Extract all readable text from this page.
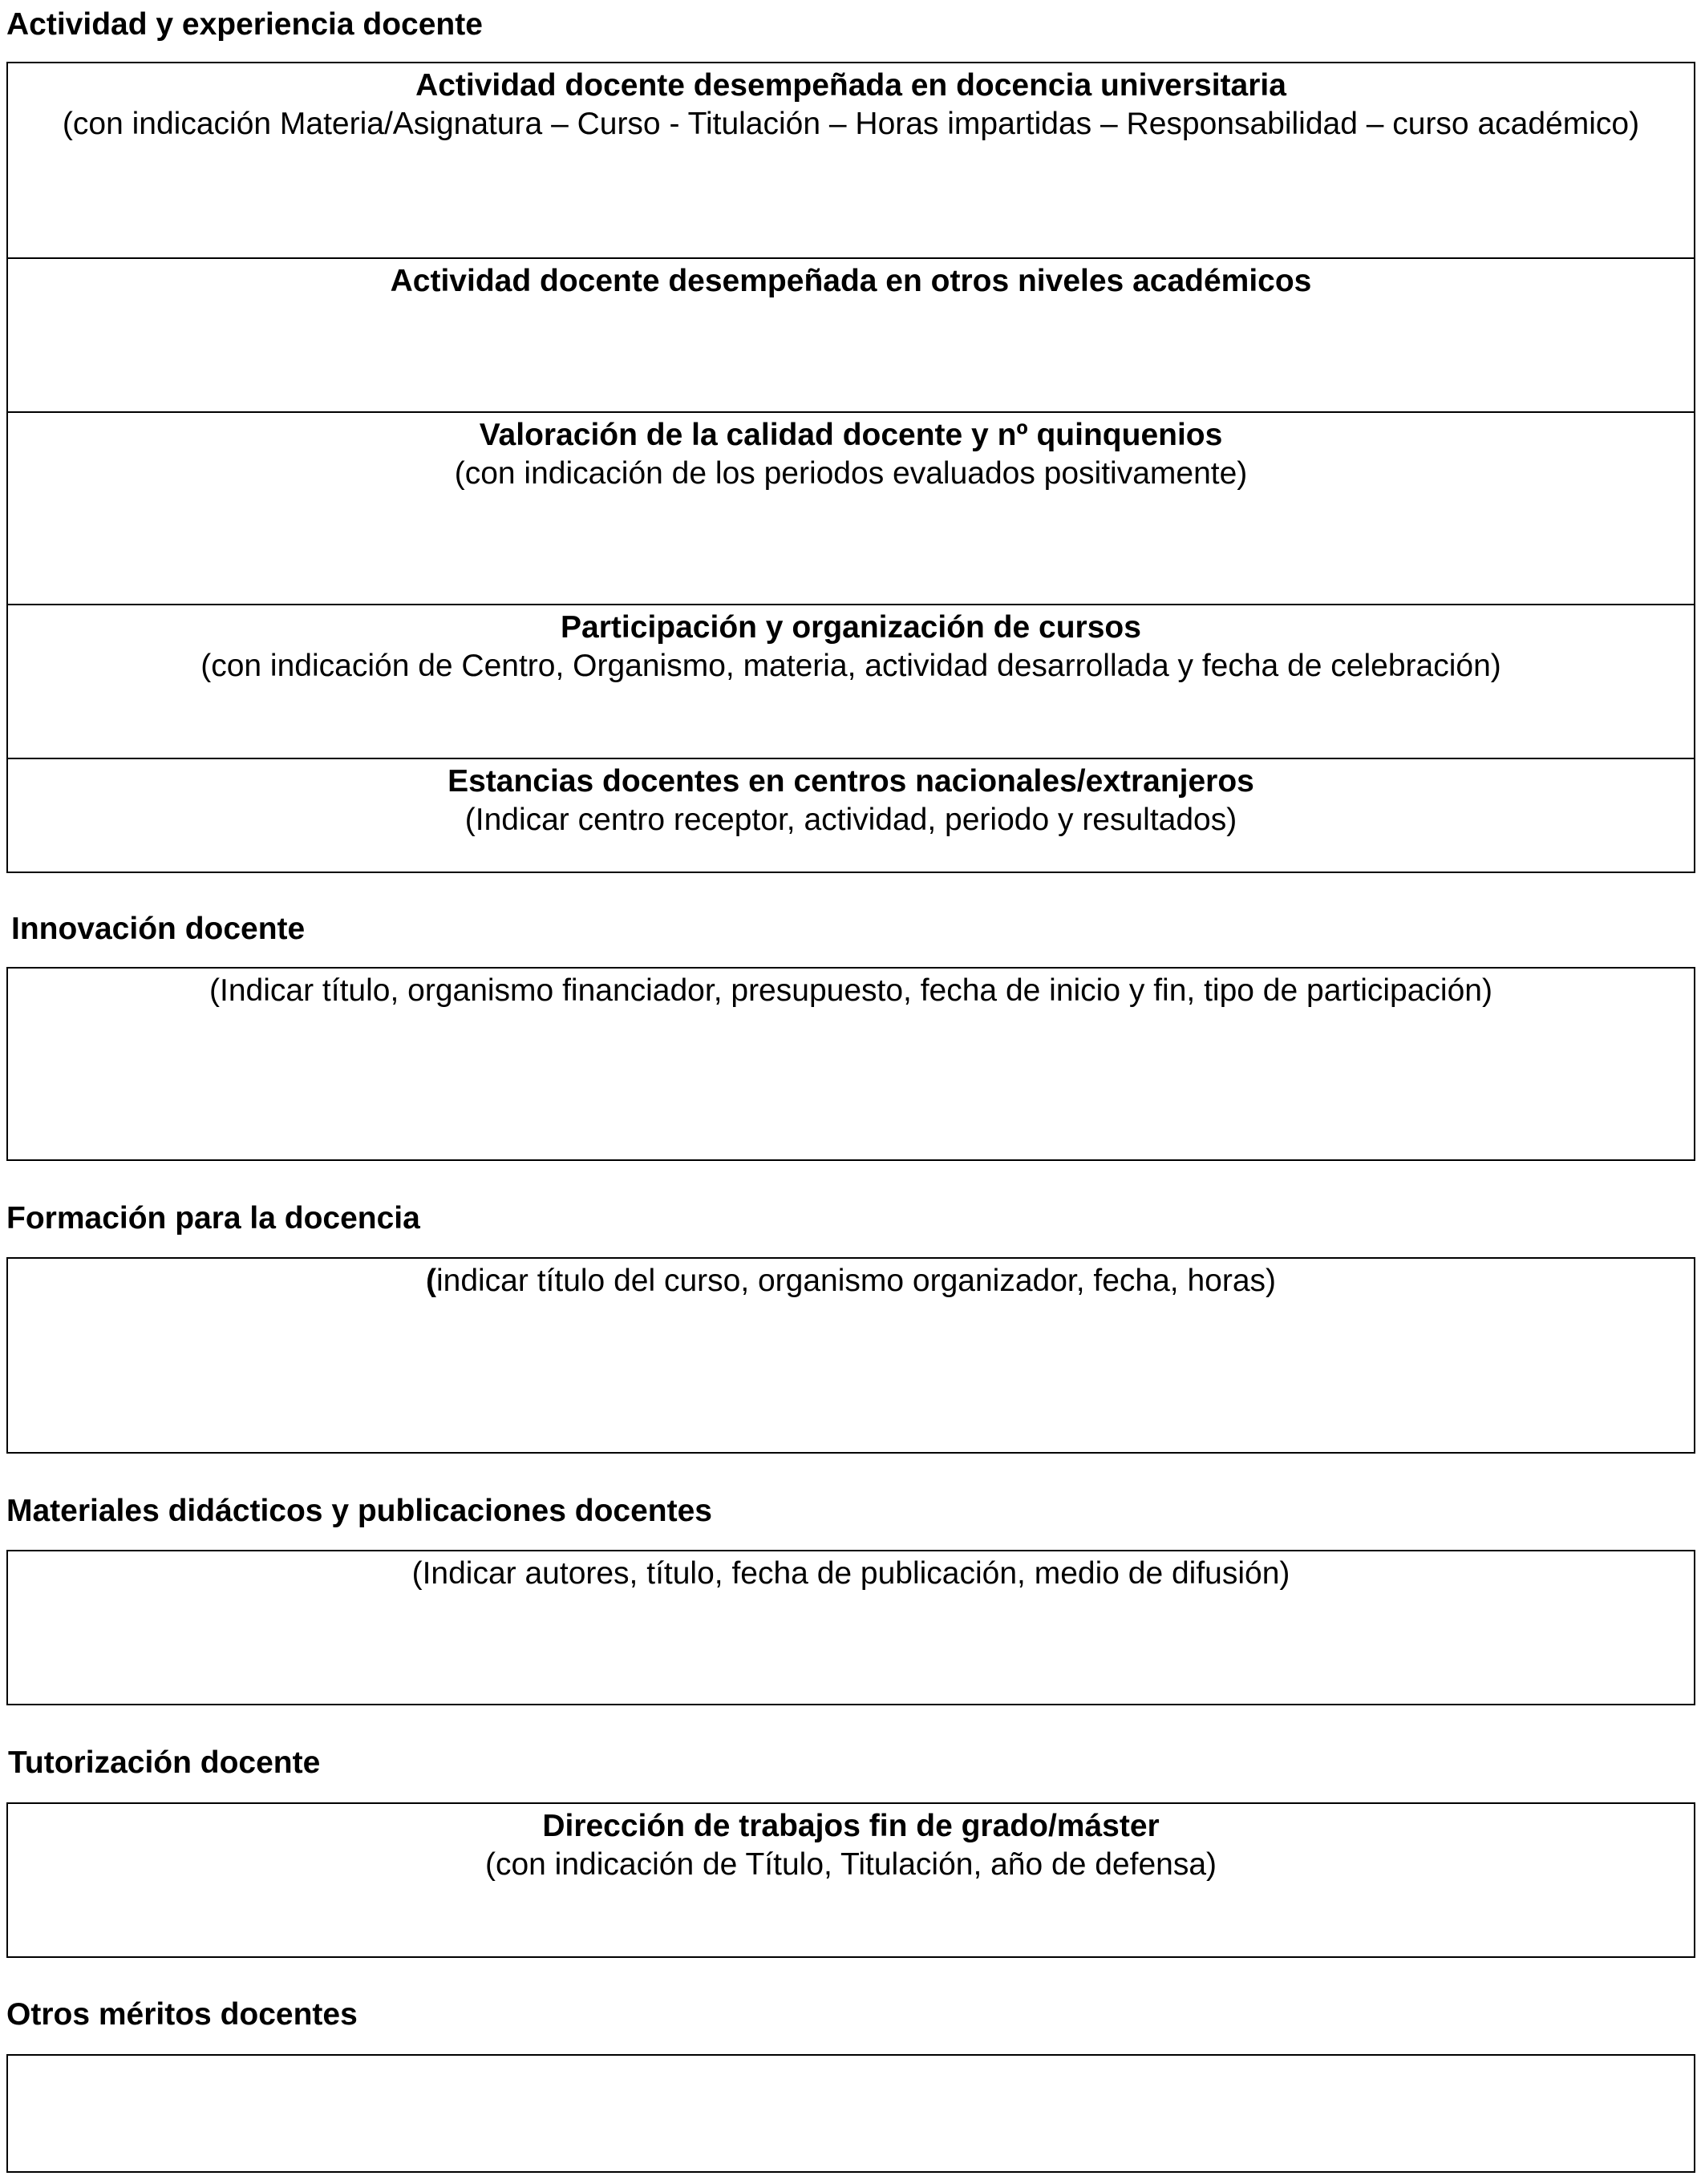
Actividad y experiencia docente
Actividad docente desempeñada en docencia universitaria
(con indicación Materia/Asignatura – Curso - Titulación – Horas impartidas – Responsabilidad – curso académico)
Actividad docente desempeñada en otros niveles académicos
Valoración de la calidad docente y nº quinquenios
(con indicación de los periodos evaluados positivamente)
Participación y organización de cursos
(con indicación de Centro, Organismo, materia, actividad desarrollada y fecha de celebración)
Estancias docentes en centros nacionales/extranjeros
(Indicar centro receptor, actividad, periodo y resultados)
Innovación docente
(Indicar título, organismo financiador, presupuesto, fecha de inicio y fin, tipo de participación)
Formación para la docencia
(indicar título del curso, organismo organizador, fecha, horas)
Materiales didácticos y publicaciones docentes
(Indicar autores, título, fecha de publicación, medio de difusión)
Tutorización docente
Dirección de trabajos fin de grado/máster
(con indicación de Título, Titulación, año de defensa)
Otros méritos docentes
